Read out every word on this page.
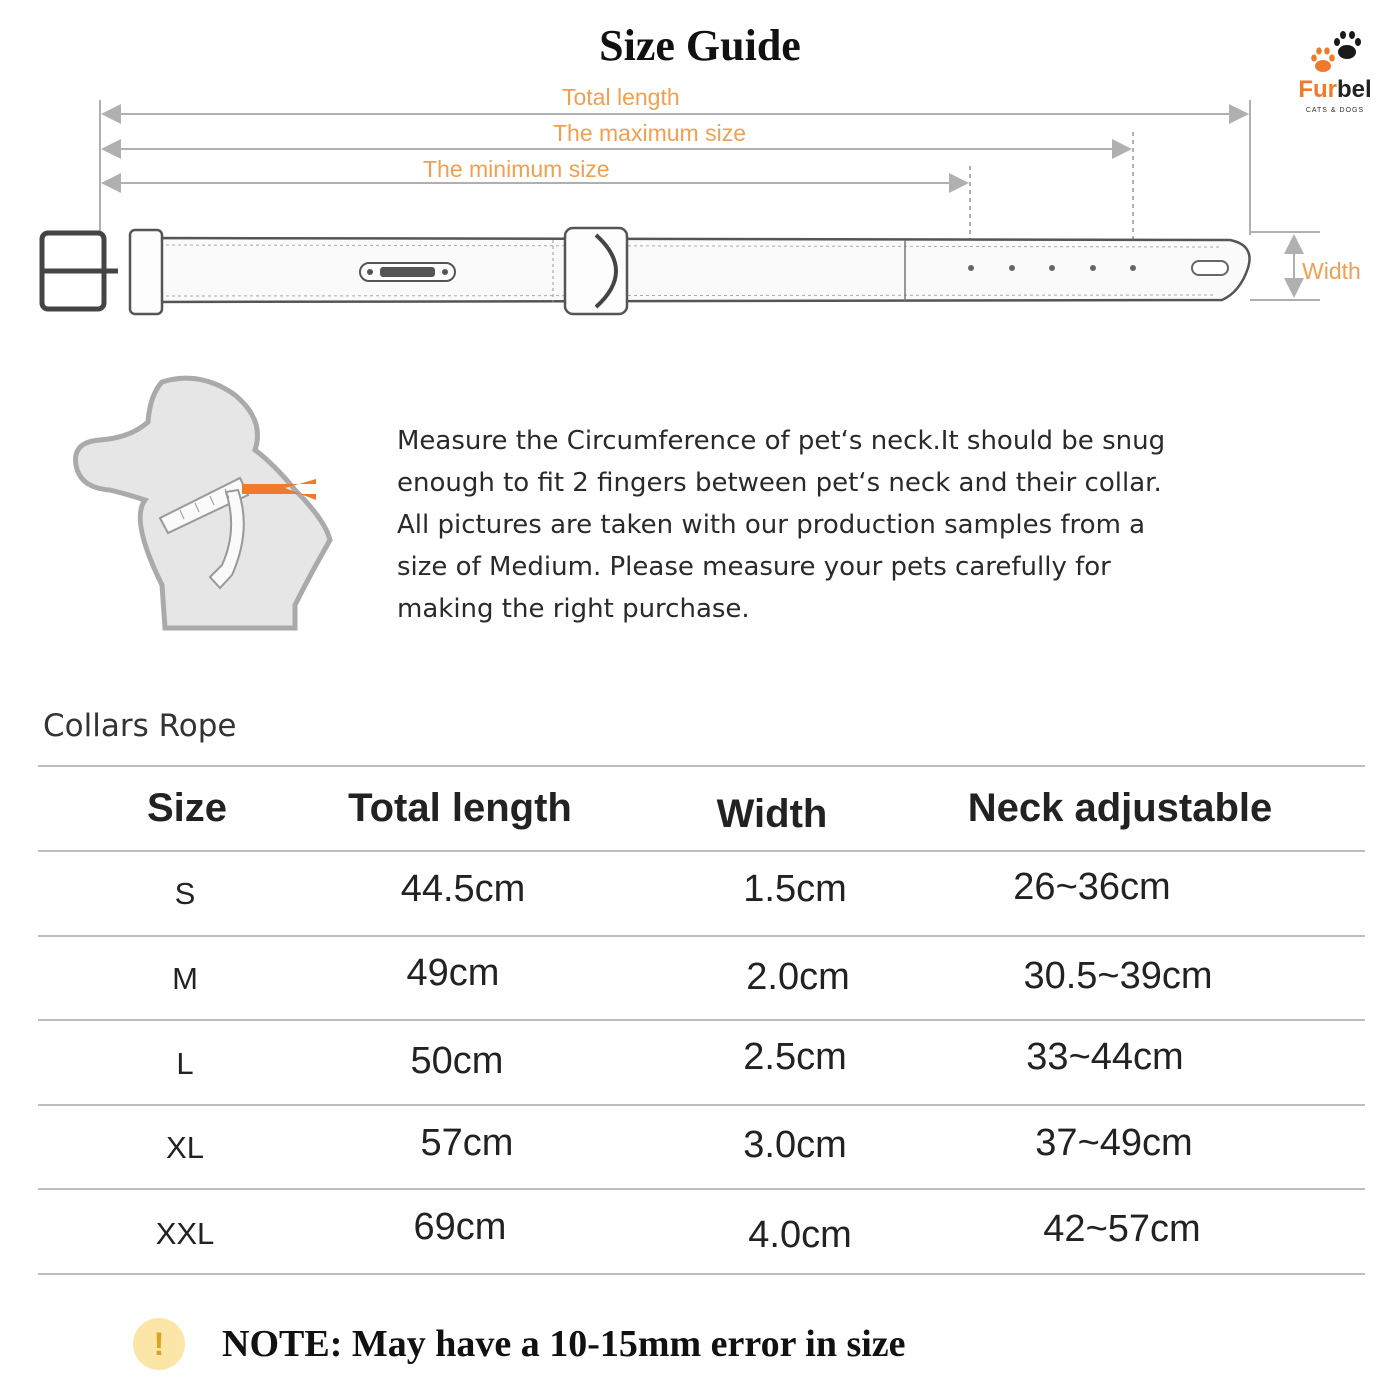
Size Guide
Furbel
CATS & DOGS
Total length
The maximum size
The minimum size
Width

Measure the Circumference of pet‘s neck.It should be snug

enough to fit 2 fingers between pet‘s neck and their collar.

All pictures are taken with our production samples from a

size of Medium. Please measure your pets carefully for

making the right purchase.

Collars Rope
Size	Total length	Width	Neck adjustable
S	44.5cm	1.5cm	26~36cm
M	49cm	2.0cm	30.5~39cm
L	50cm	2.5cm	33~44cm
XL	57cm	3.0cm	37~49cm
XXL	69cm	4.0cm	42~57cm
!	NOTE: May have a 10-15mm error in size
